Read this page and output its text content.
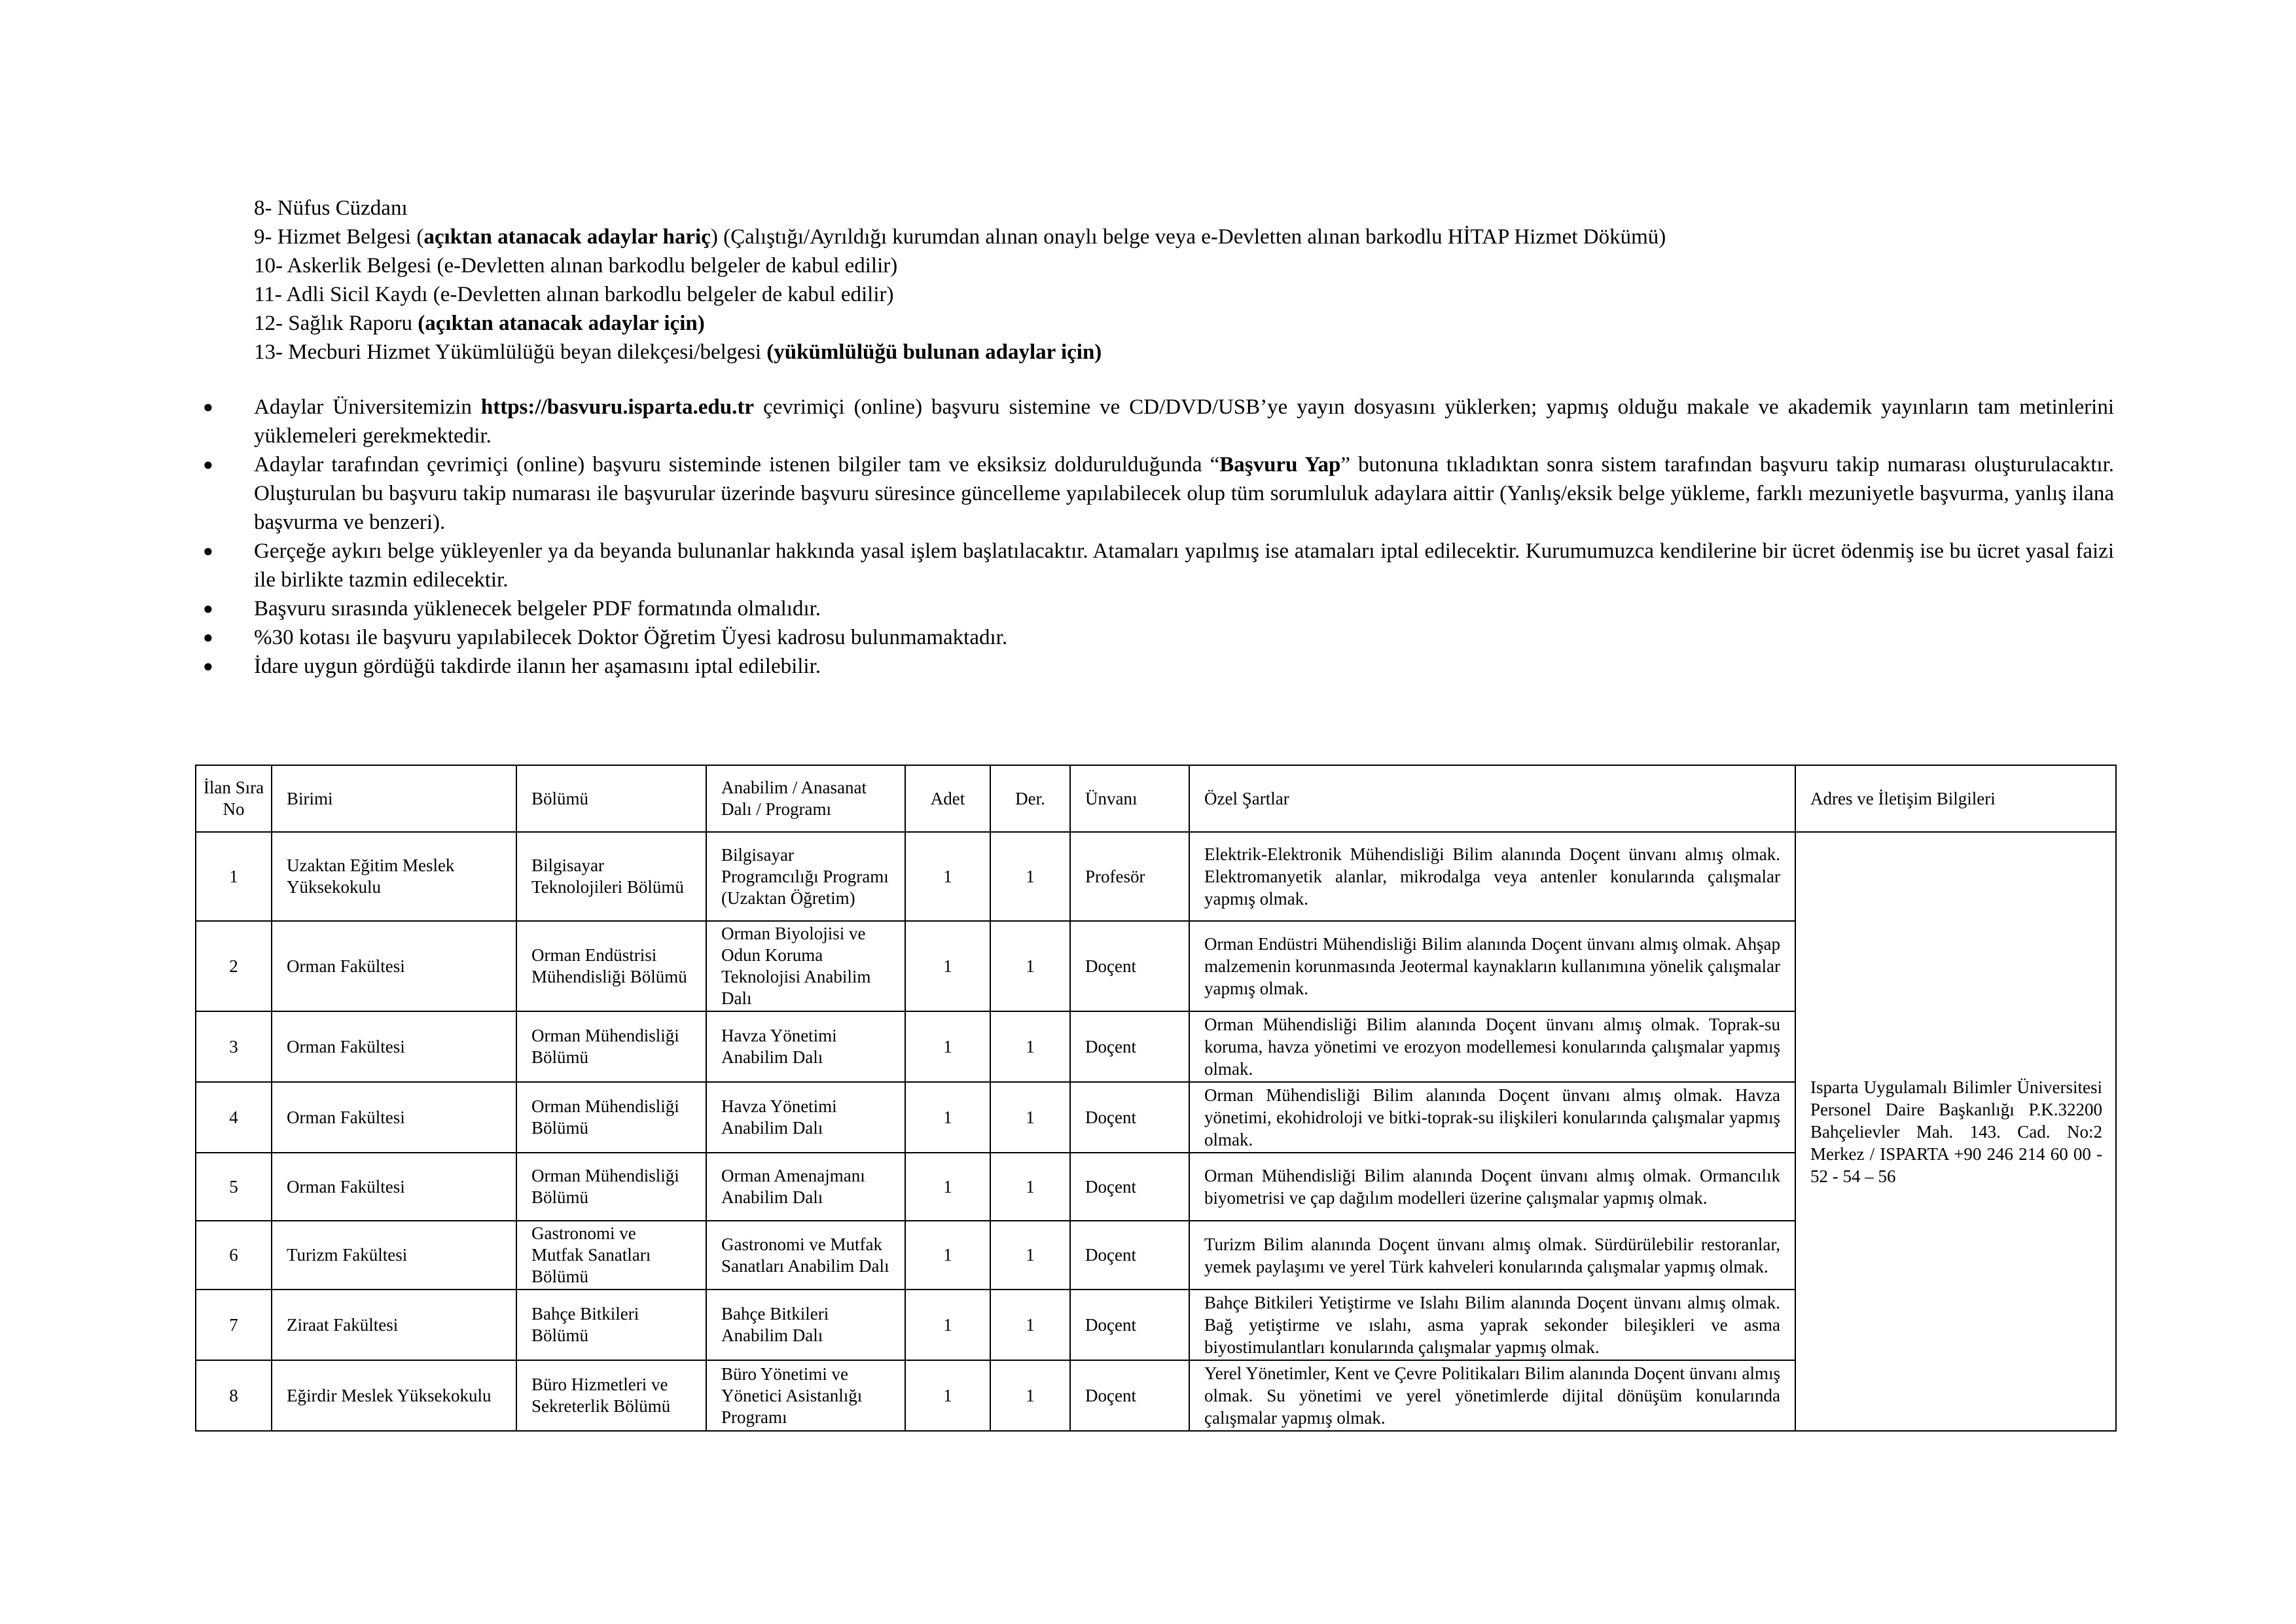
8- Nüfus Cüzdanı
9- Hizmet Belgesi (açıktan atanacak adaylar hariç) (Çalıştığı/Ayrıldığı kurumdan alınan onaylı belge veya e-Devletten alınan barkodlu HİTAP Hizmet Dökümü)
10- Askerlik Belgesi (e-Devletten alınan barkodlu belgeler de kabul edilir)
11- Adli Sicil Kaydı (e-Devletten alınan barkodlu belgeler de kabul edilir)
12- Sağlık Raporu (açıktan atanacak adaylar için)
13- Mecburi Hizmet Yükümlülüğü beyan dilekçesi/belgesi (yükümlülüğü bulunan adaylar için)
● Adaylar Üniversitemizin https://basvuru.isparta.edu.tr çevrimiçi (online) başvuru sistemine ve CD/DVD/USB’ye yayın dosyasını yüklerken; yapmış olduğu makale ve akademik yayınların tam metinlerini yüklemeleri gerekmektedir.
● Adaylar tarafından çevrimiçi (online) başvuru sisteminde istenen bilgiler tam ve eksiksiz doldurulduğunda “Başvuru Yap” butonuna tıkladıktan sonra sistem tarafından başvuru takip numarası oluşturulacaktır. Oluşturulan bu başvuru takip numarası ile başvurular üzerinde başvuru süresince güncelleme yapılabilecek olup tüm sorumluluk adaylara aittir (Yanlış/eksik belge yükleme, farklı mezuniyetle başvurma, yanlış ilana başvurma ve benzeri).
● Gerçeğe aykırı belge yükleyenler ya da beyanda bulunanlar hakkında yasal işlem başlatılacaktır. Atamaları yapılmış ise atamaları iptal edilecektir. Kurumumuzca kendilerine bir ücret ödenmiş ise bu ücret yasal faizi ile birlikte tazmin edilecektir.
● Başvuru sırasında yüklenecek belgeler PDF formatında olmalıdır.
● %30 kotası ile başvuru yapılabilecek Doktor Öğretim Üyesi kadrosu bulunmamaktadır.
● İdare uygun gördüğü takdirde ilanın her aşamasını iptal edilebilir.
İlan Sıra No	Birimi	Bölümü	Anabilim / Anasanat Dalı / Programı	Adet	Der.	Ünvanı	Özel Şartlar	Adres ve İletişim Bilgileri
1	Uzaktan Eğitim Meslek Yüksekokulu	Bilgisayar Teknolojileri Bölümü	Bilgisayar Programcılığı Programı (Uzaktan Öğretim)	1	1	Profesör	Elektrik-Elektronik Mühendisliği Bilim alanında Doçent ünvanı almış olmak. Elektromanyetik alanlar, mikrodalga veya antenler konularında çalışmalar yapmış olmak.	Isparta Uygulamalı Bilimler Üniversitesi Personel Daire Başkanlığı P.K.32200 Bahçelievler Mah. 143. Cad. No:2 Merkez / ISPARTA +90 246 214 60 00 - 52 - 54 – 56
2	Orman Fakültesi	Orman Endüstrisi Mühendisliği Bölümü	Orman Biyolojisi ve Odun Koruma Teknolojisi Anabilim Dalı	1	1	Doçent	Orman Endüstri Mühendisliği Bilim alanında Doçent ünvanı almış olmak. Ahşap malzemenin korunmasında Jeotermal kaynakların kullanımına yönelik çalışmalar yapmış olmak.	
3	Orman Fakültesi	Orman Mühendisliği Bölümü	Havza Yönetimi Anabilim Dalı	1	1	Doçent	Orman Mühendisliği Bilim alanında Doçent ünvanı almış olmak. Toprak-su koruma, havza yönetimi ve erozyon modellemesi konularında çalışmalar yapmış olmak.	
4	Orman Fakültesi	Orman Mühendisliği Bölümü	Havza Yönetimi Anabilim Dalı	1	1	Doçent	Orman Mühendisliği Bilim alanında Doçent ünvanı almış olmak. Havza yönetimi, ekohidroloji ve bitki-toprak-su ilişkileri konularında çalışmalar yapmış olmak.	
5	Orman Fakültesi	Orman Mühendisliği Bölümü	Orman Amenajmanı Anabilim Dalı	1	1	Doçent	Orman Mühendisliği Bilim alanında Doçent ünvanı almış olmak. Ormancılık biyometrisi ve çap dağılım modelleri üzerine çalışmalar yapmış olmak.	
6	Turizm Fakültesi	Gastronomi ve Mutfak Sanatları Bölümü	Gastronomi ve Mutfak Sanatları Anabilim Dalı	1	1	Doçent	Turizm Bilim alanında Doçent ünvanı almış olmak. Sürdürülebilir restoranlar, yemek paylaşımı ve yerel Türk kahveleri konularında çalışmalar yapmış olmak.	
7	Ziraat Fakültesi	Bahçe Bitkileri Bölümü	Bahçe Bitkileri Anabilim Dalı	1	1	Doçent	Bahçe Bitkileri Yetiştirme ve Islahı Bilim alanında Doçent ünvanı almış olmak. Bağ yetiştirme ve ıslahı, asma yaprak sekonder bileşikleri ve asma biyostimulantları konularında çalışmalar yapmış olmak.	
8	Eğirdir Meslek Yüksekokulu	Büro Hizmetleri ve Sekreterlik Bölümü	Büro Yönetimi ve Yönetici Asistanlığı Programı	1	1	Doçent	Yerel Yönetimler, Kent ve Çevre Politikaları Bilim alanında Doçent ünvanı almış olmak. Su yönetimi ve yerel yönetimlerde dijital dönüşüm konularında çalışmalar yapmış olmak.	
